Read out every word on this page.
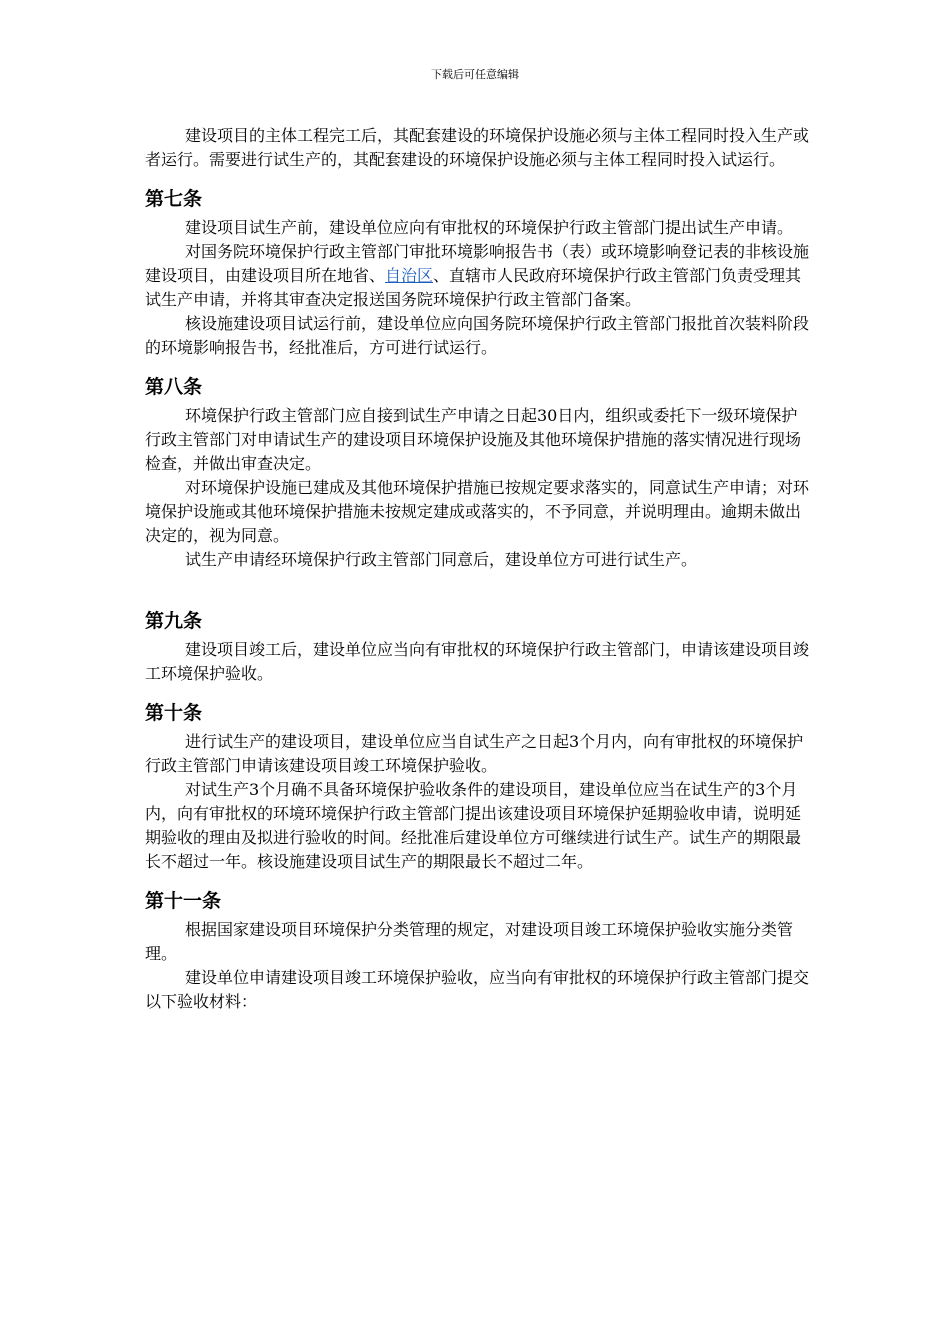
下载后可任意编辑

建设项目的主体工程完工后，其配套建设的环境保护设施必须与主体工程同时投入生产或者运行。需要进行试生产的，其配套建设的环境保护设施必须与主体工程同时投入试运行。

第七条

建设项目试生产前，建设单位应向有审批权的环境保护行政主管部门提出试生产申请。

对国务院环境保护行政主管部门审批环境影响报告书（表）或环境影响登记表的非核设施建设项目，由建设项目所在地省、自治区、直辖市人民政府环境保护行政主管部门负责受理其试生产申请，并将其审查决定报送国务院环境保护行政主管部门备案。

核设施建设项目试运行前，建设单位应向国务院环境保护行政主管部门报批首次装料阶段的环境影响报告书，经批准后，方可进行试运行。

第八条

环境保护行政主管部门应自接到试生产申请之日起30日内，组织或委托下一级环境保护行政主管部门对申请试生产的建设项目环境保护设施及其他环境保护措施的落实情况进行现场检查，并做出审查决定。

对环境保护设施已建成及其他环境保护措施已按规定要求落实的，同意试生产申请；对环境保护设施或其他环境保护措施未按规定建成或落实的，不予同意，并说明理由。逾期未做出决定的，视为同意。

试生产申请经环境保护行政主管部门同意后，建设单位方可进行试生产。

第九条

建设项目竣工后，建设单位应当向有审批权的环境保护行政主管部门，申请该建设项目竣工环境保护验收。

第十条

进行试生产的建设项目，建设单位应当自试生产之日起3个月内，向有审批权的环境保护行政主管部门申请该建设项目竣工环境保护验收。

对试生产3个月确不具备环境保护验收条件的建设项目，建设单位应当在试生产的3个月内，向有审批权的环境环境保护行政主管部门提出该建设项目环境保护延期验收申请，说明延期验收的理由及拟进行验收的时间。经批准后建设单位方可继续进行试生产。试生产的期限最长不超过一年。核设施建设项目试生产的期限最长不超过二年。

第十一条

根据国家建设项目环境保护分类管理的规定，对建设项目竣工环境保护验收实施分类管理。

建设单位申请建设项目竣工环境保护验收，应当向有审批权的环境保护行政主管部门提交以下验收材料：
